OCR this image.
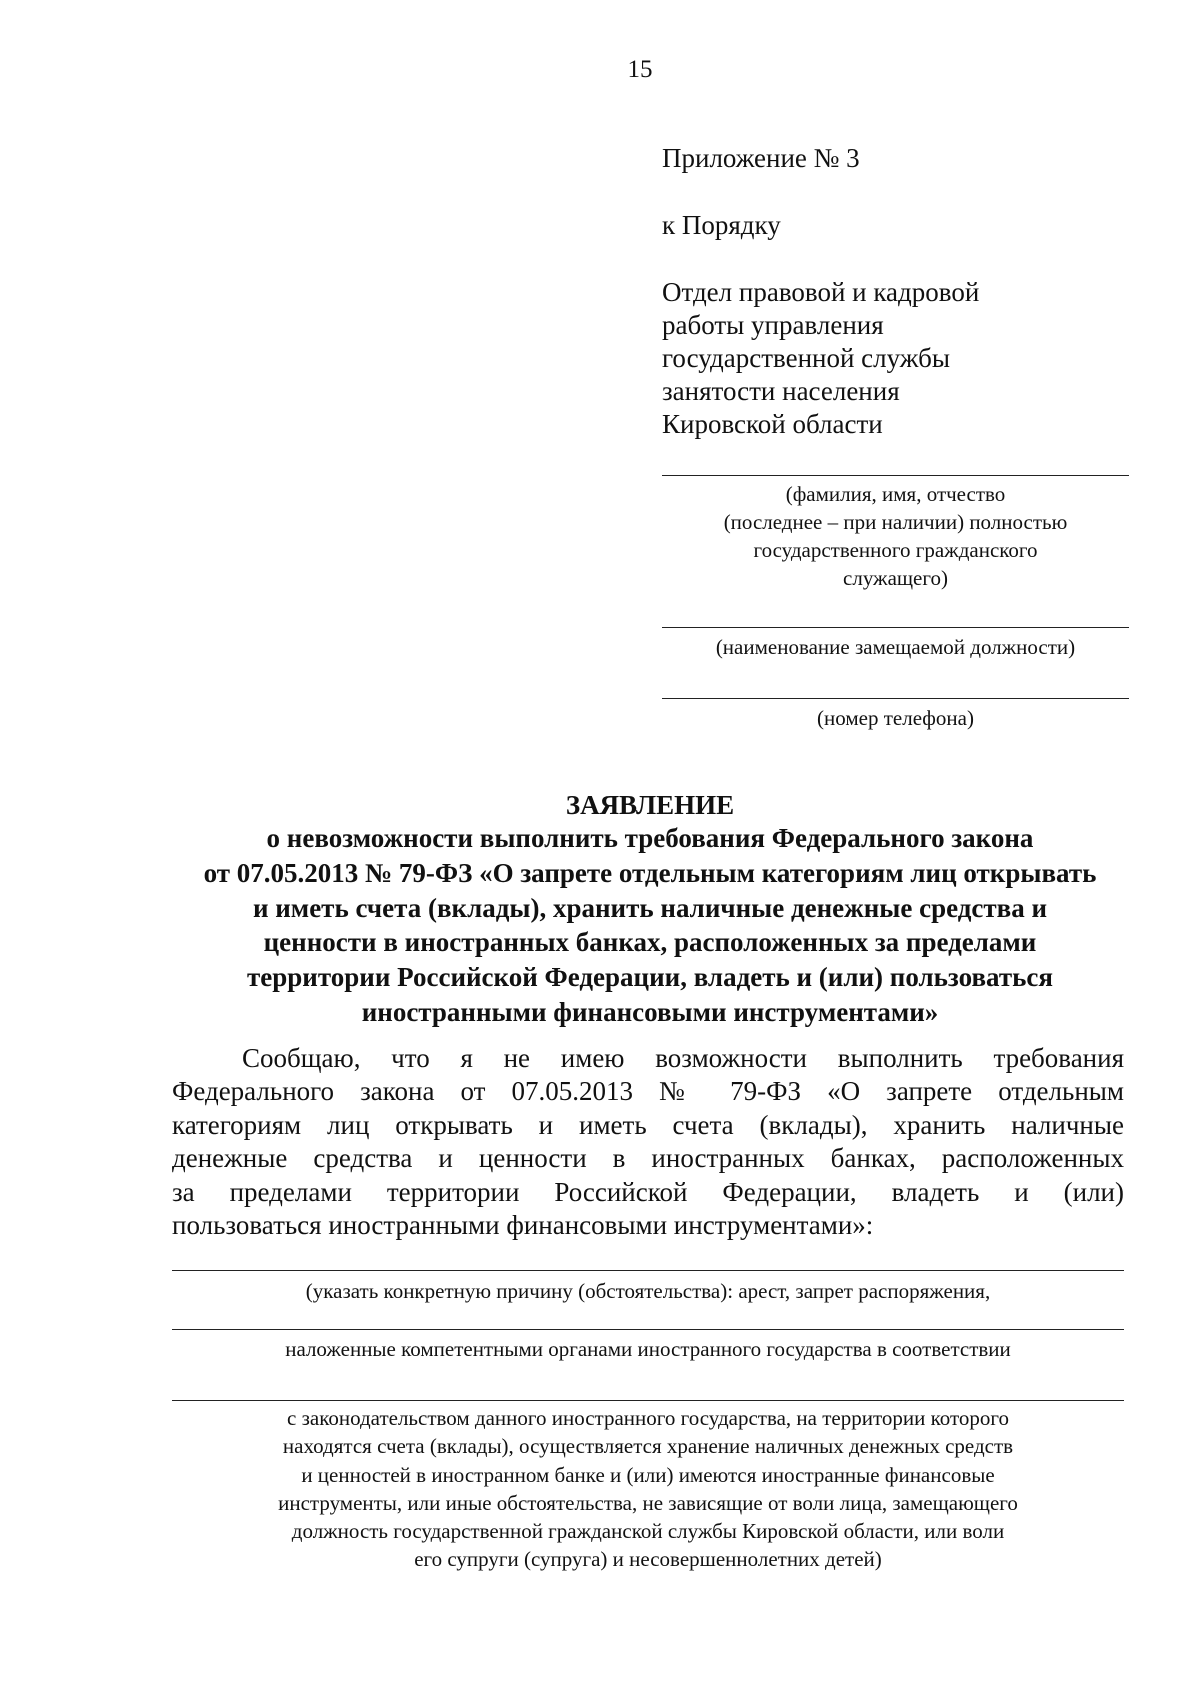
15
Приложение № 3
к Порядку
Отдел правовой и кадровой
работы управления
государственной службы
занятости населения
Кировской области
(фамилия, имя, отчество
(последнее – при наличии) полностью
государственного гражданского
служащего)
(наименование замещаемой должности)
(номер телефона)
ЗАЯВЛЕНИЕ
о невозможности выполнить требования Федерального закона
от 07.05.2013 № 79-ФЗ «О запрете отдельным категориям лиц открывать
и иметь счета (вклады), хранить наличные денежные средства и
ценности в иностранных банках, расположенных за пределами
территории Российской Федерации, владеть и (или) пользоваться
иностранными финансовыми инструментами»
Сообщаю, что я не имею возможности выполнить требования
Федерального закона от 07.05.2013 № 79-ФЗ «О запрете отдельным
категориям лиц открывать и иметь счета (вклады), хранить наличные
денежные средства и ценности в иностранных банках, расположенных
за пределами территории Российской Федерации, владеть и (или)
пользоваться иностранными финансовыми инструментами»:
(указать конкретную причину (обстоятельства): арест, запрет распоряжения,
наложенные компетентными органами иностранного государства в соответствии
с законодательством данного иностранного государства, на территории которого
находятся счета (вклады), осуществляется хранение наличных денежных средств
и ценностей в иностранном банке и (или) имеются иностранные финансовые
инструменты, или иные обстоятельства, не зависящие от воли лица, замещающего
должность государственной гражданской службы Кировской области, или воли
его супруги (супруга) и несовершеннолетних детей)
